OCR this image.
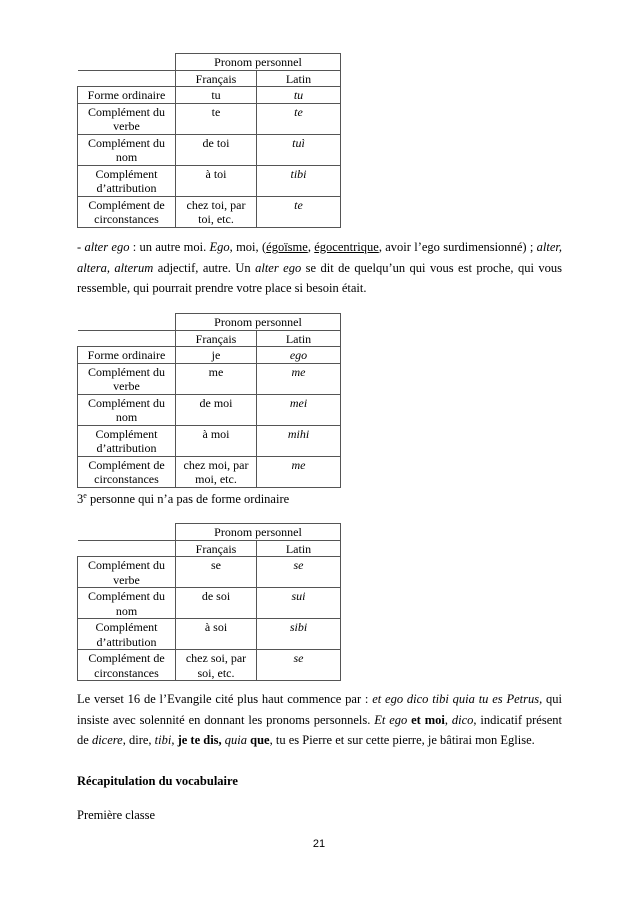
	Pronom personnel	
	Français	Latin
Forme ordinaire	tu	tu
Complément du verbe	te	te
Complément du nom	de toi	tuì
Complément d’attribution	à toi	tibi
Complément de circonstances	chez toi, par toi, etc.	te
- alter ego : un autre moi. Ego, moi, (égoïsme, égocentrique, avoir l’ego surdimensionné) ; alter, altera, alterum adjectif, autre. Un alter ego se dit de quelqu’un qui vous est proche, qui vous ressemble, qui pourrait prendre votre place si besoin était.
	Pronom personnel	
	Français	Latin
Forme ordinaire	je	ego
Complément du verbe	me	me
Complément du nom	de moi	mei
Complément d’attribution	à moi	mihi
Complément de circonstances	chez moi, par moi, etc.	me
3e personne qui n’a pas de forme ordinaire
	Pronom personnel	
	Français	Latin
Complément du verbe	se	se
Complément du nom	de soi	sui
Complément d’attribution	à soi	sibi
Complément de circonstances	chez soi, par soi, etc.	se
Le verset 16 de l’Evangile cité plus haut commence par : et ego dico tibi quia tu es Petrus, qui insiste avec solennité en donnant les pronoms personnels. Et ego et moi, dico, indicatif présent de dicere, dire, tibi, je te dis, quia que, tu es Pierre et sur cette pierre, je bâtirai mon Eglise.
Récapitulation du vocabulaire
Première classe
21
